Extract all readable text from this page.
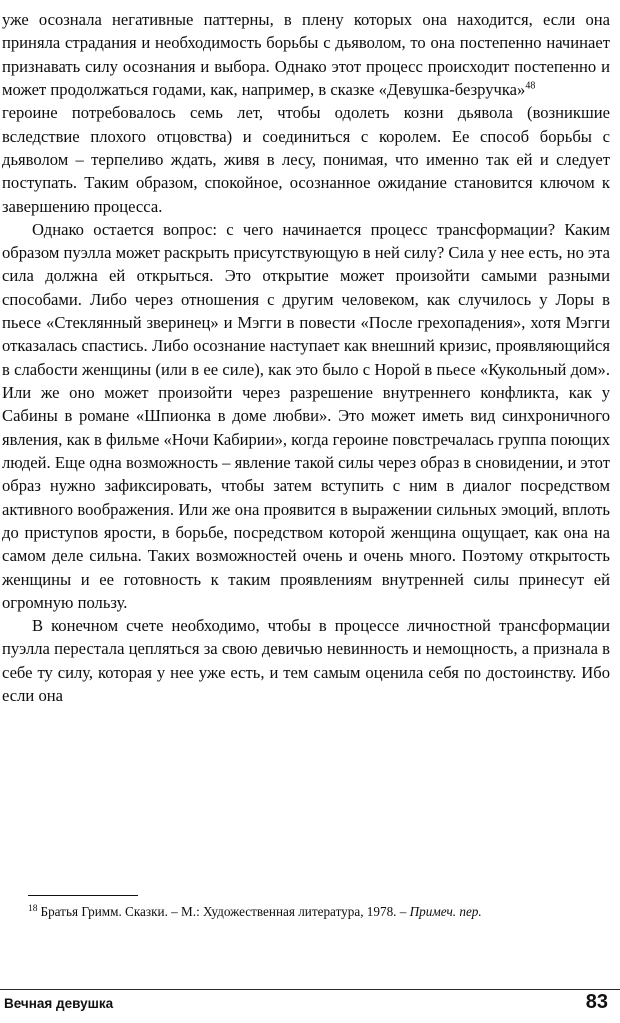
уже осознала негативные паттерны, в плену которых она находится, если она приняла страдания и необходимость борьбы с дьяволом, то она постепенно начинает признавать силу осознания и выбора. Однако этот процесс происходит постепенно и может продолжаться годами, как, например, в сказке «Девушка-безручка»$^{48}$

героине потребовалось семь лет, чтобы одолеть козни дьявола (возникшие вследствие плохого отцовства) и соединиться с королем. Ее способ борьбы с дьяволом – терпеливо ждать, живя в лесу, понимая, что именно так ей и следует поступать. Таким образом, спокойное, осознанное ожидание становится ключом к завершению процесса.

Однако остается вопрос: с чего начинается процесс трансформации? Каким образом пуэлла может раскрыть присутствующую в ней силу? Сила у нее есть, но эта сила должна ей открыться. Это открытие может произойти самыми разными способами. Либо через отношения с другим человеком, как случилось у Лоры в пьесе «Стеклянный зверинец» и Мэгги в повести «После грехопадения», хотя Мэгги отказалась спастись. Либо осознание наступает как внешний кризис, проявляющийся в слабости женщины (или в ее силе), как это было с Норой в пьесе «Кукольный дом». Или же оно может произойти через разрешение внутреннего конфликта, как у Сабины в романе «Шпионка в доме любви». Это может иметь вид синхроничного явления, как в фильме «Ночи Кабирии», когда героине повстречалась группа поющих людей. Еще одна возможность – явление такой силы через образ в сновидении, и этот образ нужно зафиксировать, чтобы затем вступить с ним в диалог посредством активного воображения. Или же она проявится в выражении сильных эмоций, вплоть до приступов ярости, в борьбе, посредством которой женщина ощущает, как она на самом деле сильна. Таких возможностей очень и очень много. Поэтому открытость женщины и ее готовность к таким проявлениям внутренней силы принесут ей огромную пользу.

В конечном счете необходимо, чтобы в процессе личностной трансформации пуэлла перестала цепляться за свою девичью невинность и немощность, а признала в себе ту силу, которая у нее уже есть, и тем самым оценила себя по достоинству. Ибо если она

$^{18}$ Братья Гримм. Сказки. – М.: Художественная литература, 1978. – Примеч. пер.
Вечная девушка	83
